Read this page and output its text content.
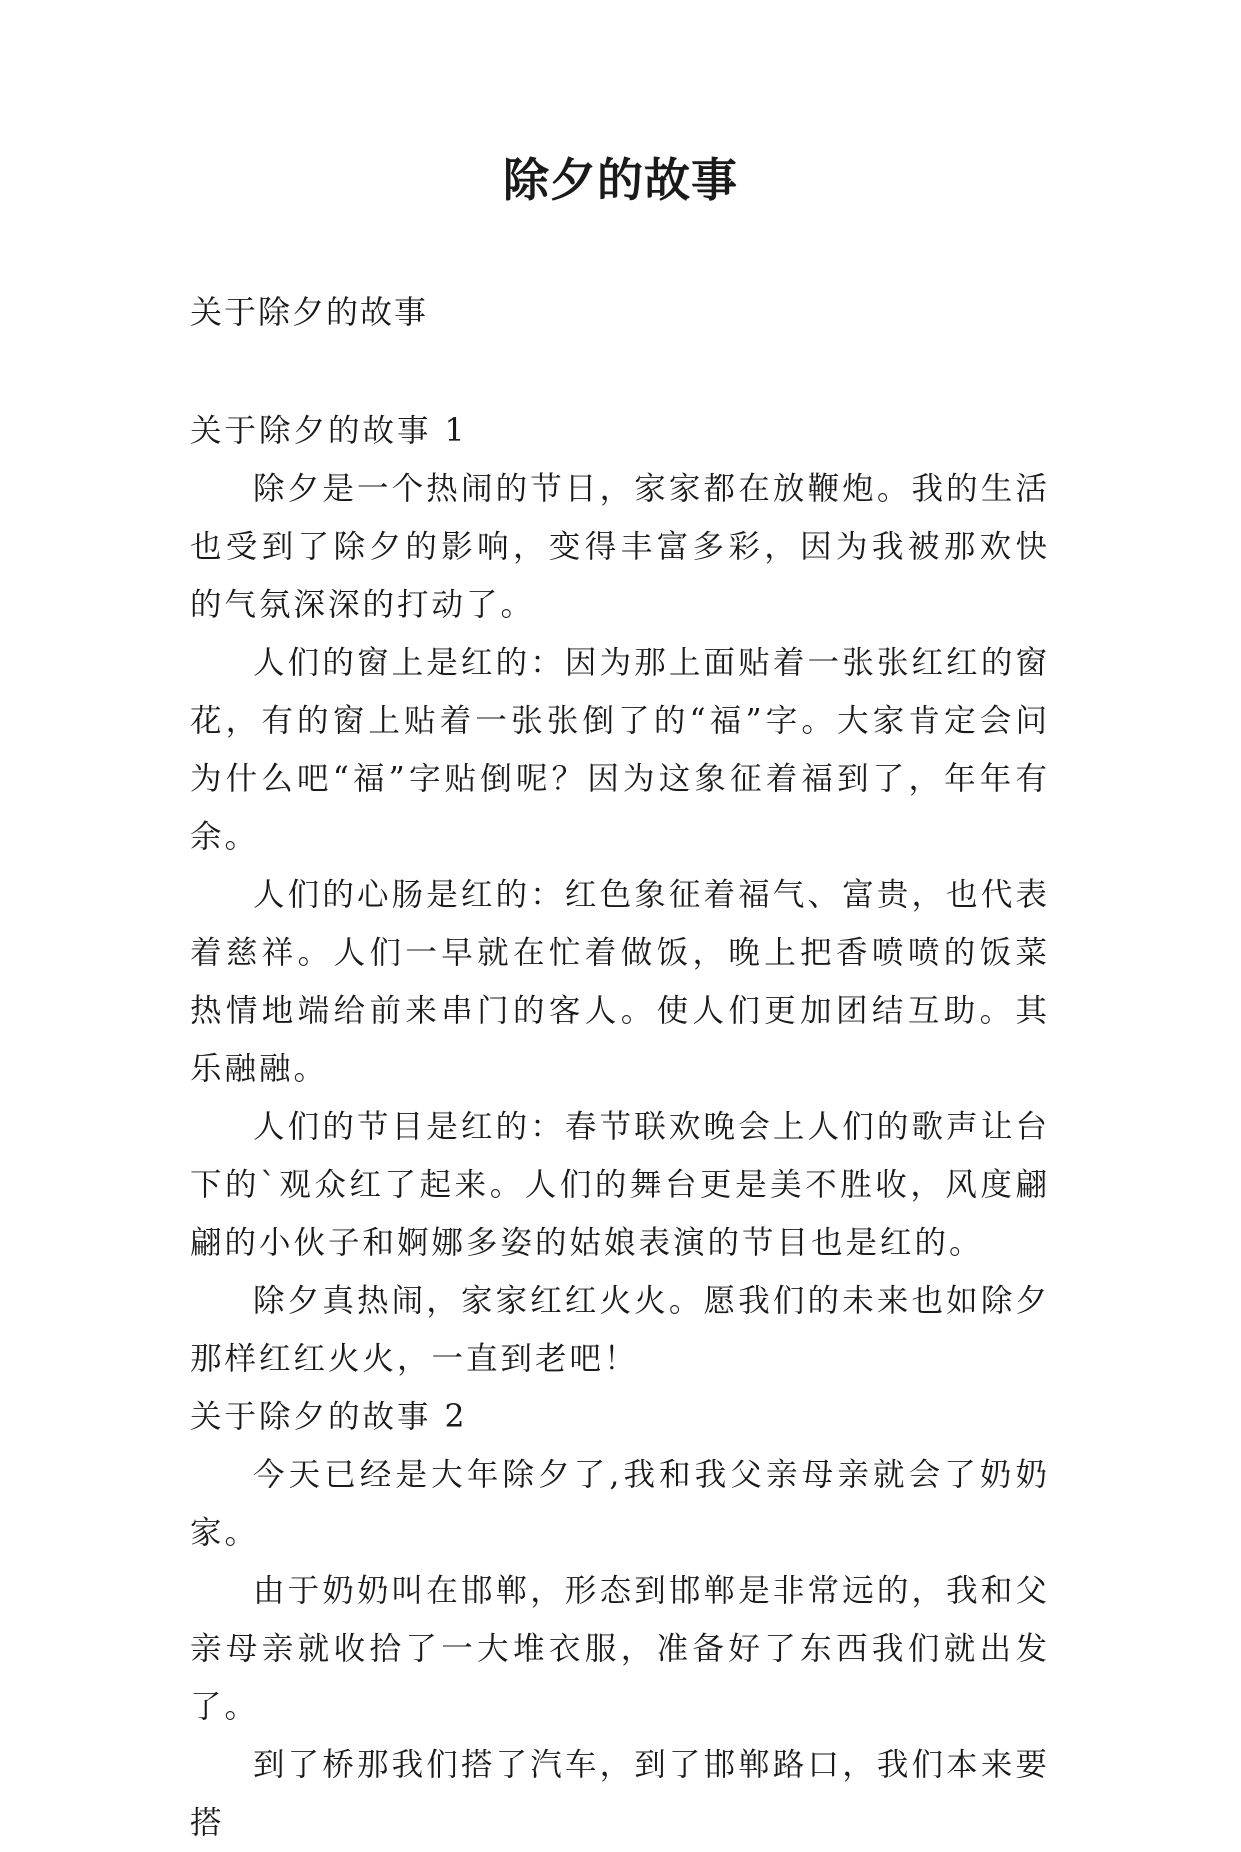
除夕的故事
关于除夕的故事

关于除夕的故事 1

除夕是一个热闹的节日，家家都在放鞭炮。我的生活也受到了除夕的影响，变得丰富多彩，因为我被那欢快的气氛深深的打动了。

人们的窗上是红的：因为那上面贴着一张张红红的窗花，有的窗上贴着一张张倒了的“福”字。大家肯定会问为什么吧“福”字贴倒呢？因为这象征着福到了，年年有余。

人们的心肠是红的：红色象征着福气、富贵，也代表着慈祥。人们一早就在忙着做饭，晚上把香喷喷的饭菜热情地端给前来串门的客人。使人们更加团结互助。其乐融融。

人们的节目是红的：春节联欢晚会上人们的歌声让台下的`观众红了起来。人们的舞台更是美不胜收，风度翩翩的小伙子和婀娜多姿的姑娘表演的节目也是红的。

除夕真热闹，家家红红火火。愿我们的未来也如除夕那样红红火火，一直到老吧！

关于除夕的故事 2

今天已经是大年除夕了,我和我父亲母亲就会了奶奶家。

由于奶奶叫在邯郸，形态到邯郸是非常远的，我和父亲母亲就收拾了一大堆衣服，准备好了东西我们就出发了。

到了桥那我们搭了汽车，到了邯郸路口，我们本来要搭
